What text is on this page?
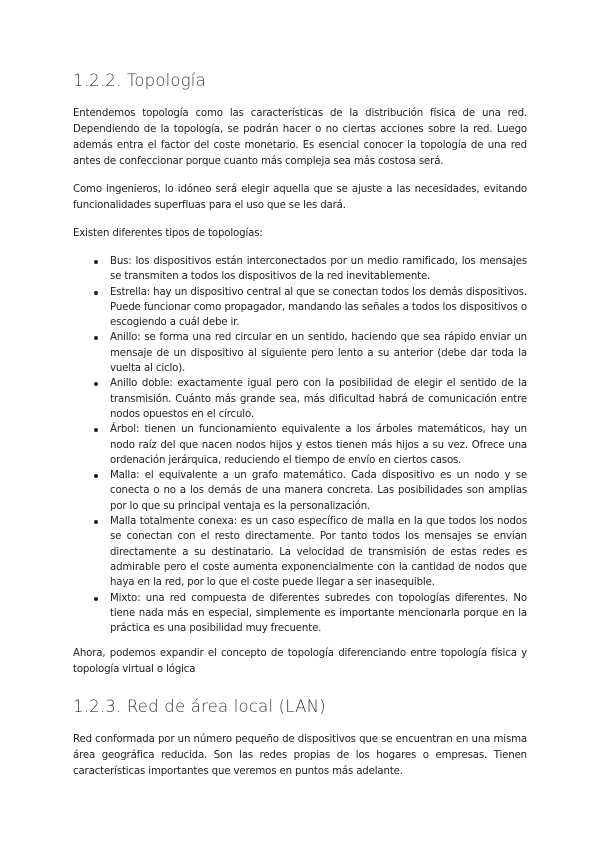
1.2.2. Topología

Entendemos topología como las características de la distribución física de una red. Dependiendo de la topología, se podrán hacer o no ciertas acciones sobre la red. Luego además entra el factor del coste monetario. Es esencial conocer la topología de una red antes de confeccionar porque cuanto más compleja sea más costosa será.

Como ingenieros, lo idóneo será elegir aquella que se ajuste a las necesidades, evitando funcionalidades superfluas para el uso que se les dará.

Existen diferentes tipos de topologías:

Bus: los dispositivos están interconectados por un medio ramificado, los mensajes se transmiten a todos los dispositivos de la red inevitablemente.
Estrella: hay un dispositivo central al que se conectan todos los demás dispositivos. Puede funcionar como propagador, mandando las señales a todos los dispositivos o escogiendo a cuál debe ir.
Anillo: se forma una red circular en un sentido, haciendo que sea rápido enviar un mensaje de un dispositivo al siguiente pero lento a su anterior (debe dar toda la vuelta al ciclo).
Anillo doble: exactamente igual pero con la posibilidad de elegir el sentido de la transmisión. Cuánto más grande sea, más dificultad habrá de comunicación entre nodos opuestos en el círculo.
Árbol: tienen un funcionamiento equivalente a los árboles matemáticos, hay un nodo raíz del que nacen nodos hijos y estos tienen más hijos a su vez. Ofrece una ordenación jerárquica, reduciendo el tiempo de envío en ciertos casos.
Malla: el equivalente a un grafo matemático. Cada dispositivo es un nodo y se conecta o no a los demás de una manera concreta. Las posibilidades son amplias por lo que su principal ventaja es la personalización.
Malla totalmente conexa: es un caso específico de malla en la que todos los nodos se conectan con el resto directamente. Por tanto todos los mensajes se envían directamente a su destinatario. La velocidad de transmisión de estas redes es admirable pero el coste aumenta exponencialmente con la cantidad de nodos que haya en la red, por lo que el coste puede llegar a ser inasequible.
Mixto: una red compuesta de diferentes subredes con topologías diferentes. No tiene nada más en especial, simplemente es importante mencionarla porque en la práctica es una posibilidad muy frecuente.

Ahora, podemos expandir el concepto de topología diferenciando entre topología física y topología virtual o lógica

1.2.3. Red de área local (LAN)

Red conformada por un número pequeño de dispositivos que se encuentran en una misma área geográfica reducida. Son las redes propias de los hogares o empresas. Tienen características importantes que veremos en puntos más adelante.
